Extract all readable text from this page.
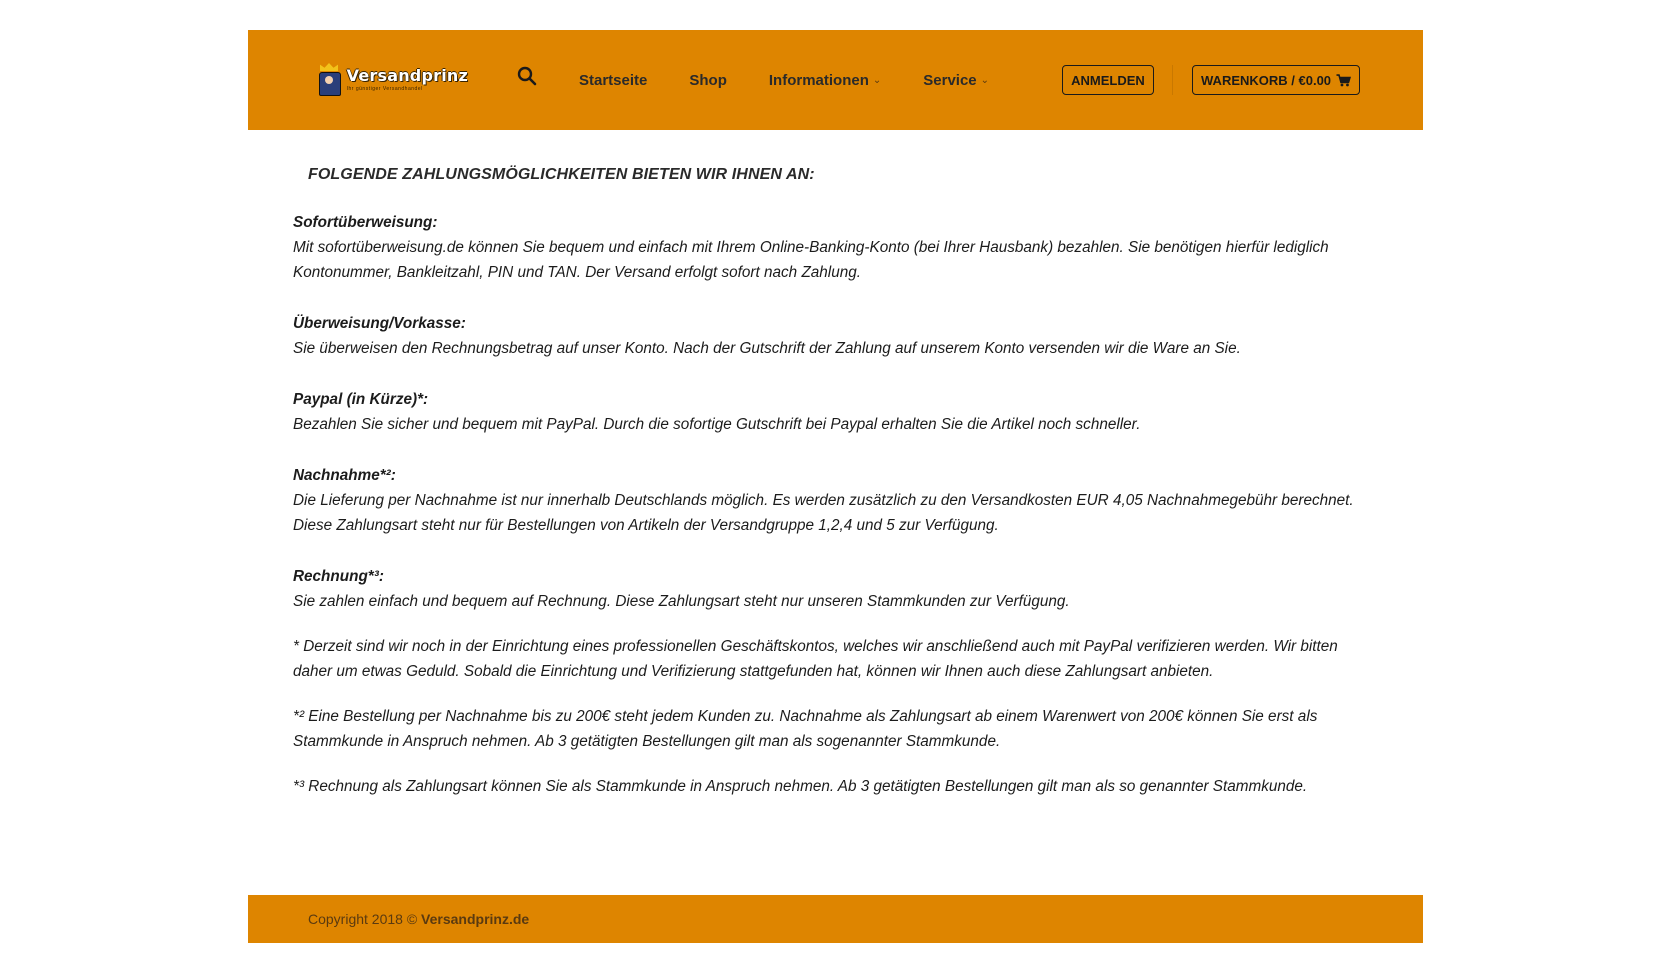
Versandprinz
Ihr günstiger Versandhandel
Startseite	Shop	Informationen ⌄	Service ⌄	ANMELDEN	WARENKORB / €0.00
FOLGENDE ZAHLUNGSMÖGLICHKEITEN BIETEN WIR IHNEN AN:

Sofortüberweisung:

Mit sofortüberweisung.de können Sie bequem und einfach mit Ihrem Online-Banking-Konto (bei Ihrer Hausbank) bezahlen. Sie benötigen hierfür lediglich

Kontonummer, Bankleitzahl, PIN und TAN. Der Versand erfolgt sofort nach Zahlung.

Überweisung/Vorkasse:

Sie überweisen den Rechnungsbetrag auf unser Konto. Nach der Gutschrift der Zahlung auf unserem Konto versenden wir die Ware an Sie.

Paypal (in Kürze)*:

Bezahlen Sie sicher und bequem mit PayPal. Durch die sofortige Gutschrift bei Paypal erhalten Sie die Artikel noch schneller.

Nachnahme*²:

Die Lieferung per Nachnahme ist nur innerhalb Deutschlands möglich. Es werden zusätzlich zu den Versandkosten EUR 4,05 Nachnahmegebühr berechnet.

Diese Zahlungsart steht nur für Bestellungen von Artikeln der Versandgruppe 1,2,4 und 5 zur Verfügung.

Rechnung*³:

Sie zahlen einfach und bequem auf Rechnung. Diese Zahlungsart steht nur unseren Stammkunden zur Verfügung.

* Derzeit sind wir noch in der Einrichtung eines professionellen Geschäftskontos, welches wir anschließend auch mit PayPal verifizieren werden. Wir bitten

daher um etwas Geduld. Sobald die Einrichtung und Verifizierung stattgefunden hat, können wir Ihnen auch diese Zahlungsart anbieten.

*² Eine Bestellung per Nachnahme bis zu 200€ steht jedem Kunden zu. Nachnahme als Zahlungsart ab einem Warenwert von 200€ können Sie erst als

Stammkunde in Anspruch nehmen. Ab 3 getätigten Bestellungen gilt man als sogenannter Stammkunde.

*³ Rechnung als Zahlungsart können Sie als Stammkunde in Anspruch nehmen. Ab 3 getätigten Bestellungen gilt man als so genannter Stammkunde.

Copyright 2018 © Versandprinz.de
